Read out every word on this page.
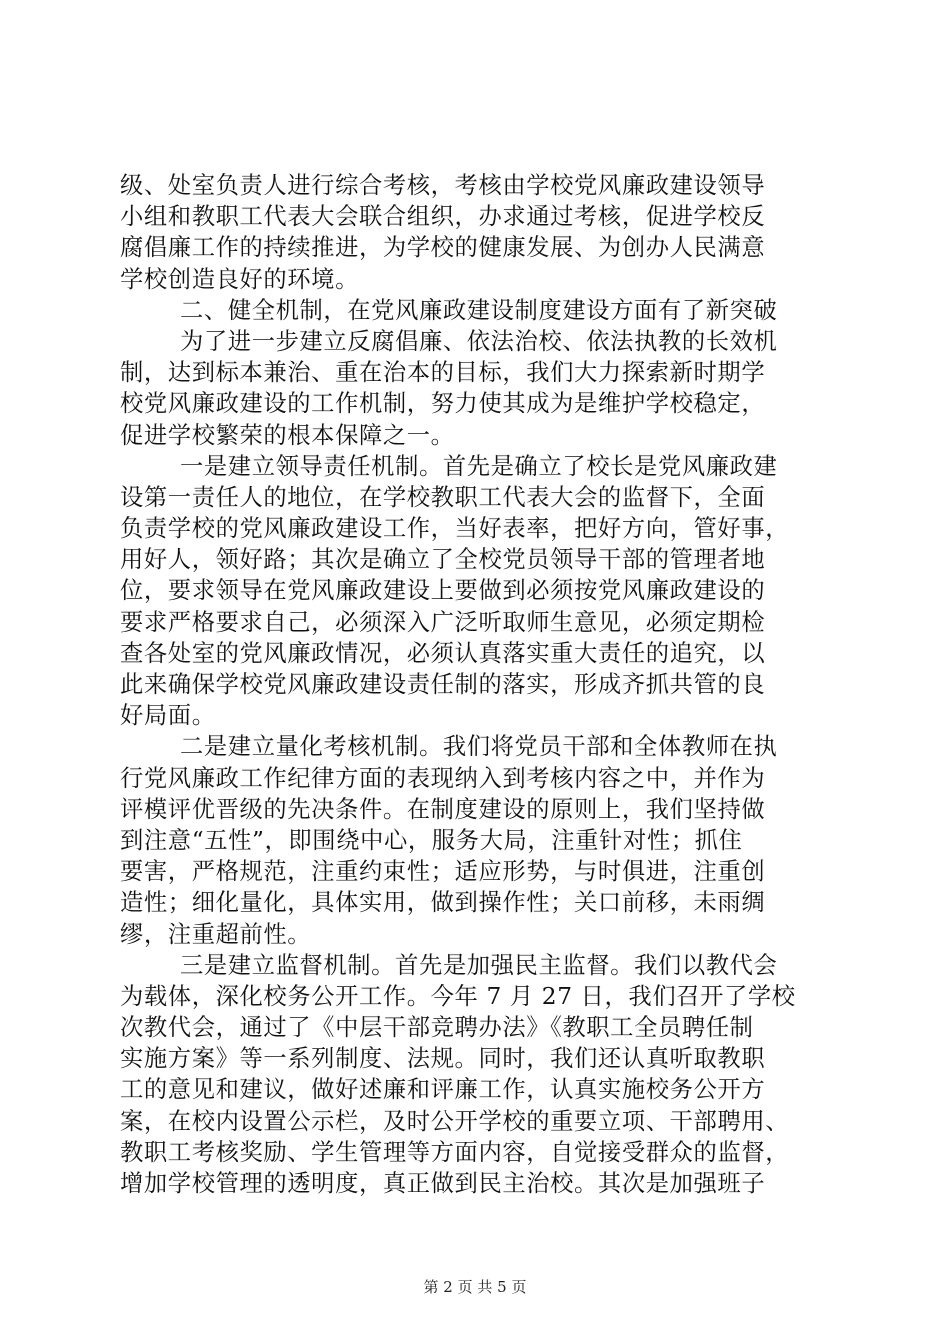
级、处室负责人进行综合考核，考核由学校党风廉政建设领导
小组和教职工代表大会联合组织，办求通过考核，促进学校反
腐倡廉工作的持续推进，为学校的健康发展、为创办人民满意
学校创造良好的环境。
二、健全机制，在党风廉政建设制度建设方面有了新突破
为了进一步建立反腐倡廉、依法治校、依法执教的长效机
制，达到标本兼治、重在治本的目标，我们大力探索新时期学
校党风廉政建设的工作机制，努力使其成为是维护学校稳定，
促进学校繁荣的根本保障之一。
一是建立领导责任机制。首先是确立了校长是党风廉政建
设第一责任人的地位，在学校教职工代表大会的监督下，全面
负责学校的党风廉政建设工作，当好表率，把好方向，管好事，
用好人，领好路；其次是确立了全校党员领导干部的管理者地
位，要求领导在党风廉政建设上要做到必须按党风廉政建设的
要求严格要求自己，必须深入广泛听取师生意见，必须定期检
查各处室的党风廉政情况，必须认真落实重大责任的追究，以
此来确保学校党风廉政建设责任制的落实，形成齐抓共管的良
好局面。
二是建立量化考核机制。我们将党员干部和全体教师在执
行党风廉政工作纪律方面的表现纳入到考核内容之中，并作为
评模评优晋级的先决条件。在制度建设的原则上，我们坚持做
到注意“五性”，即围绕中心，服务大局，注重针对性；抓住
要害，严格规范，注重约束性；适应形势，与时俱进，注重创
造性；细化量化，具体实用，做到操作性；关口前移，未雨绸
缪，注重超前性。
三是建立监督机制。首先是加强民主监督。我们以教代会
为载体，深化校务公开工作。今年 7 月 27 日，我们召开了学校
次教代会，通过了《中层干部竞聘办法》《教职工全员聘任制
实施方案》等一系列制度、法规。同时，我们还认真听取教职
工的意见和建议，做好述廉和评廉工作，认真实施校务公开方
案，在校内设置公示栏，及时公开学校的重要立项、干部聘用、
教职工考核奖励、学生管理等方面内容，自觉接受群众的监督，
增加学校管理的透明度，真正做到民主治校。其次是加强班子
第 2 页 共 5 页
